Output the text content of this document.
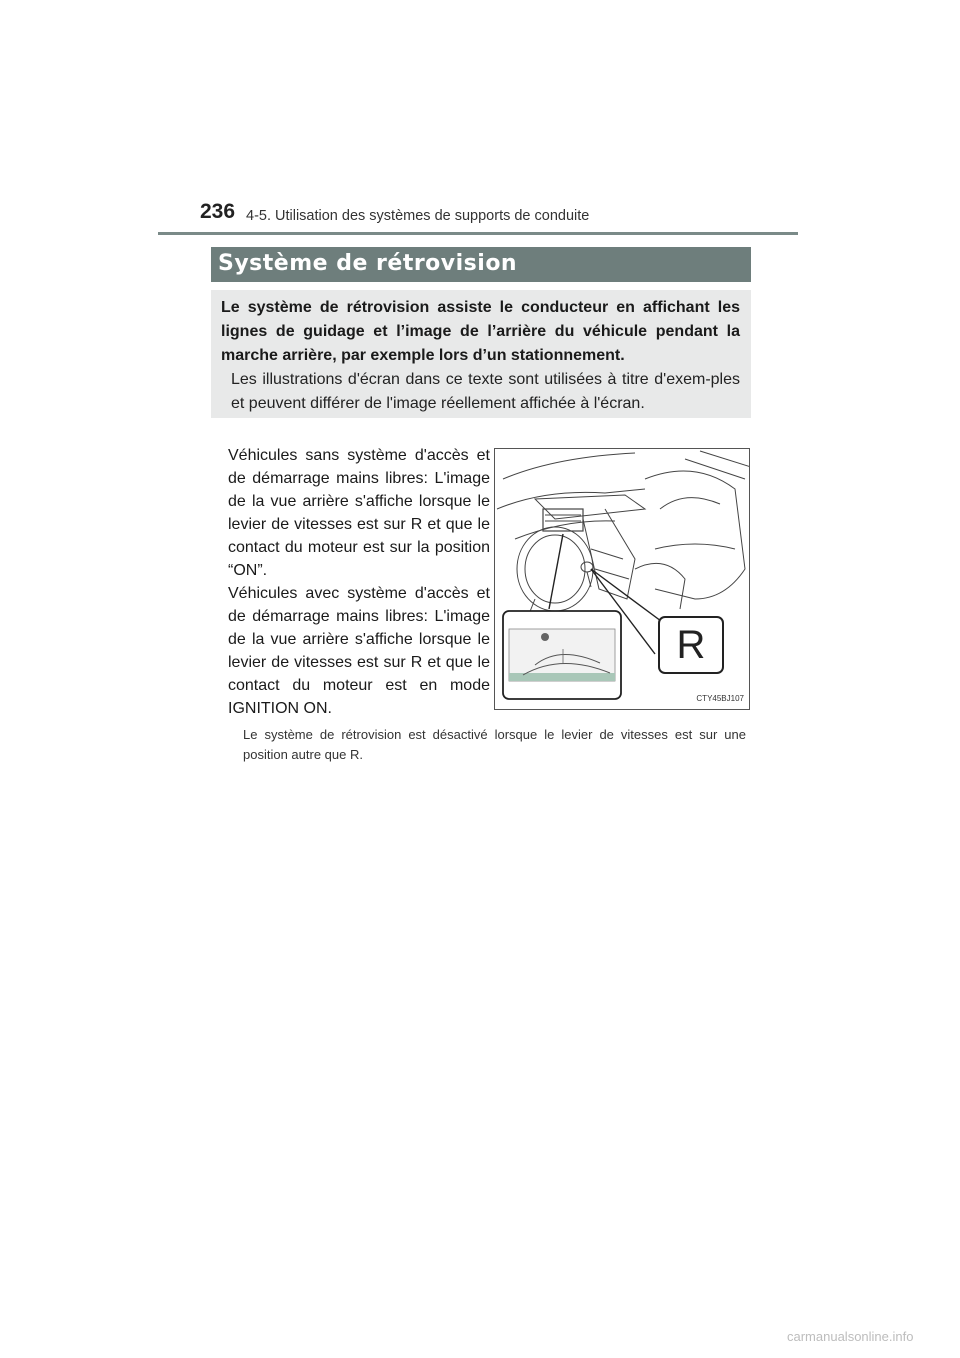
236 4-5. Utilisation des systèmes de supports de conduite
Système de rétrovision
Le système de rétrovision assiste le conducteur en affichant les lignes de guidage et l’image de l’arrière du véhicule pendant la marche arrière, par exemple lors d’un stationnement.
Les illustrations d'écran dans ce texte sont utilisées à titre d'exem-ples et peuvent différer de l'image réellement affichée à l'écran.
Véhicules sans système d'accès et de démarrage mains libres: L'image de la vue arrière s'affiche lorsque le levier de vitesses est sur R et que le contact du moteur est sur la position “ON”.
Véhicules avec système d'accès et de démarrage mains libres: L'image de la vue arrière s'affiche lorsque le levier de vitesses est sur R et que le contact du moteur est en mode IGNITION ON.
R
CTY45BJ107
Le système de rétrovision est désactivé lorsque le levier de vitesses est sur une position autre que R.
carmanualsonline.info
